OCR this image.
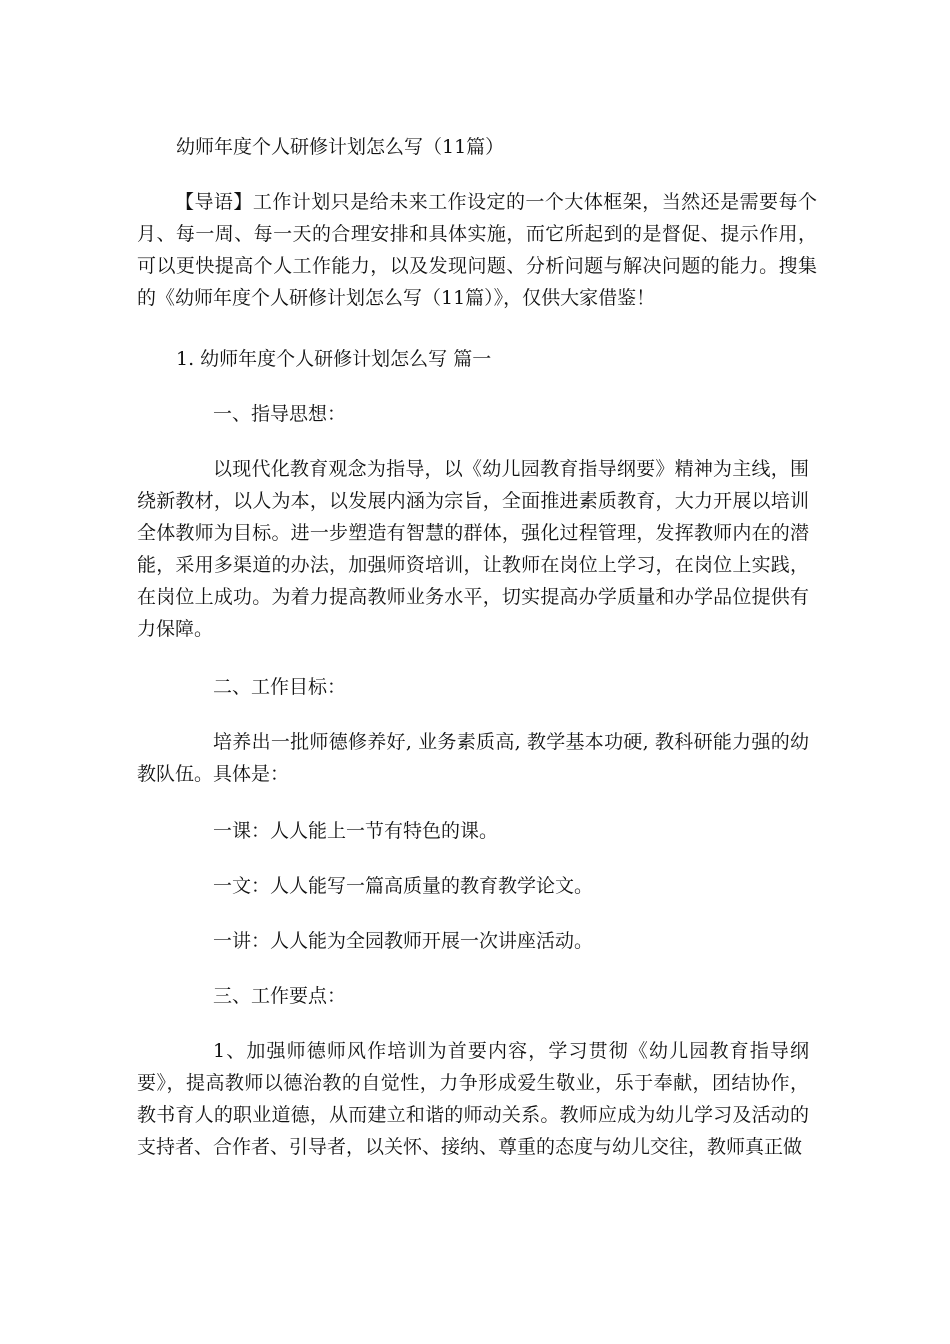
幼师年度个人研修计划怎么写（11篇）

【导语】工作计划只是给未来工作设定的一个大体框架，当然还是需要每个月、每一周、每一天的合理安排和具体实施，而它所起到的是督促、提示作用，可以更快提高个人工作能力，以及发现问题、分析问题与解决问题的能力。搜集的《幼师年度个人研修计划怎么写（11篇）》，仅供大家借鉴！

1. 幼师年度个人研修计划怎么写 篇一

一、指导思想：

以现代化教育观念为指导，以《幼儿园教育指导纲要》精神为主线，围绕新教材，以人为本，以发展内涵为宗旨，全面推进素质教育，大力开展以培训全体教师为目标。进一步塑造有智慧的群体，强化过程管理，发挥教师内在的潜能，采用多渠道的办法，加强师资培训，让教师在岗位上学习，在岗位上实践，在岗位上成功。为着力提高教师业务水平，切实提高办学质量和办学品位提供有力保障。

二、工作目标：

培养出一批师德修养好, 业务素质高, 教学基本功硬, 教科研能力强的幼教队伍。具体是：

一课：人人能上一节有特色的课。

一文：人人能写一篇高质量的教育教学论文。

一讲：人人能为全园教师开展一次讲座活动。

三、工作要点：

1、加强师德师风作培训为首要内容，学习贯彻《幼儿园教育指导纲要》，提高教师以德治教的自觉性，力争形成爱生敬业，乐于奉献，团结协作，教书育人的职业道德，从而建立和谐的师动关系。教师应成为幼儿学习及活动的支持者、合作者、引导者，以关怀、接纳、尊重的态度与幼儿交往，教师真正做
